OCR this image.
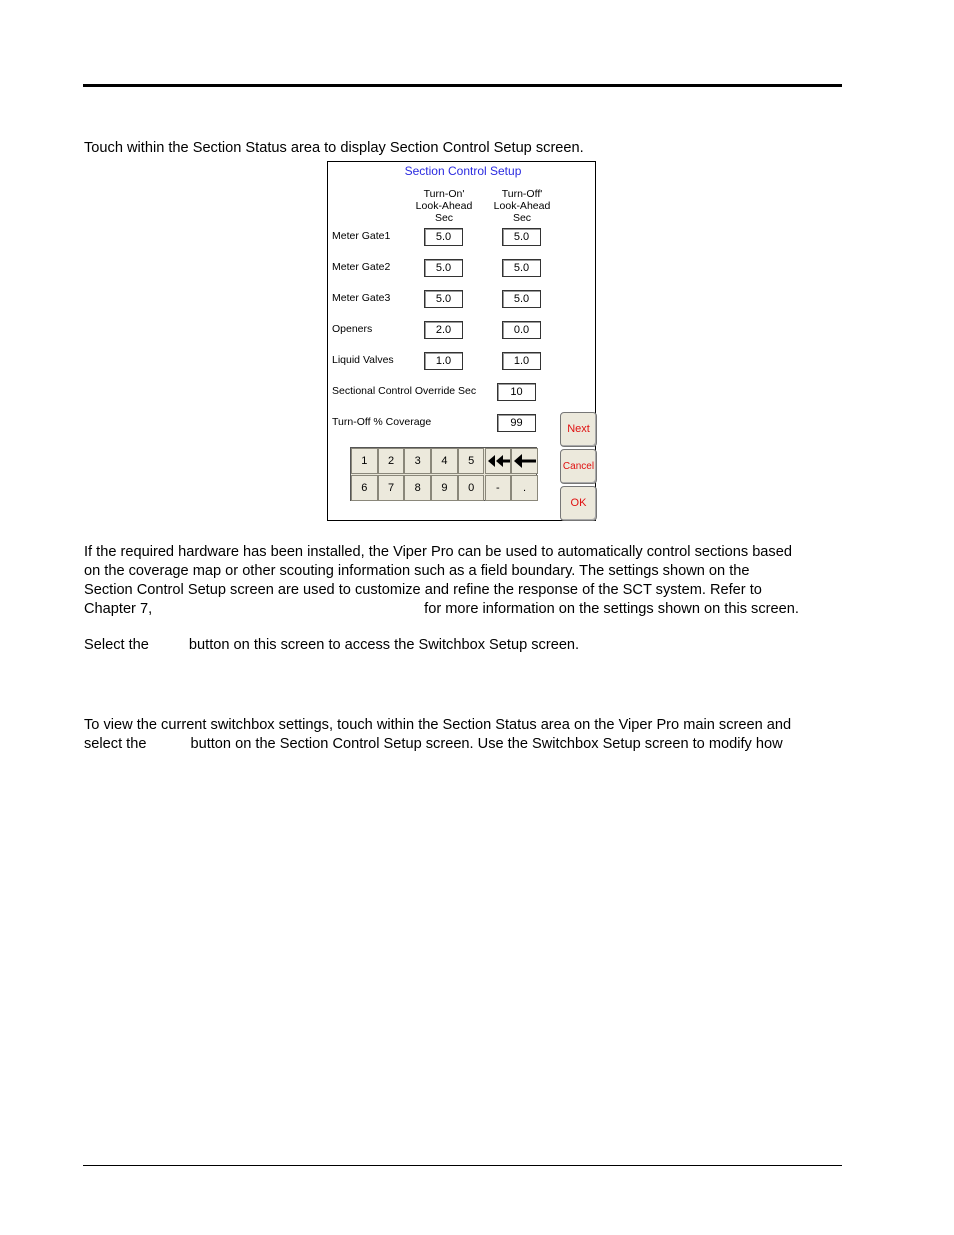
Touch within the Section Status area to display Section Control Setup screen.

Section Control Setup
Turn-On'
Look-Ahead
Sec
Turn-Off'
Look-Ahead
Sec
Meter Gate1	5.0	5.0
Meter Gate2	5.0	5.0
Meter Gate3	5.0	5.0
Openers	2.0	0.0
Liquid Valves	1.0	1.0
Sectional Control Override Sec	10
Turn-Off % Coverage	99
1	2	3	4	5
6	7	8	9	0	-	.
Next
Cancel
OK
If the required hardware has been installed, the Viper Pro can be used to automatically control sections based
on the coverage map or other scouting information such as a field boundary. The settings shown on the
Section Control Setup screen are used to customize and refine the response of the SCT system. Refer to
Chapter 7,	for more information on the settings shown on this screen.
Select the	button on this screen to access the Switchbox Setup screen.
To view the current switchbox settings, touch within the Section Status area on the Viper Pro main screen and
select the	button on the Section Control Setup screen. Use the Switchbox Setup screen to modify how
